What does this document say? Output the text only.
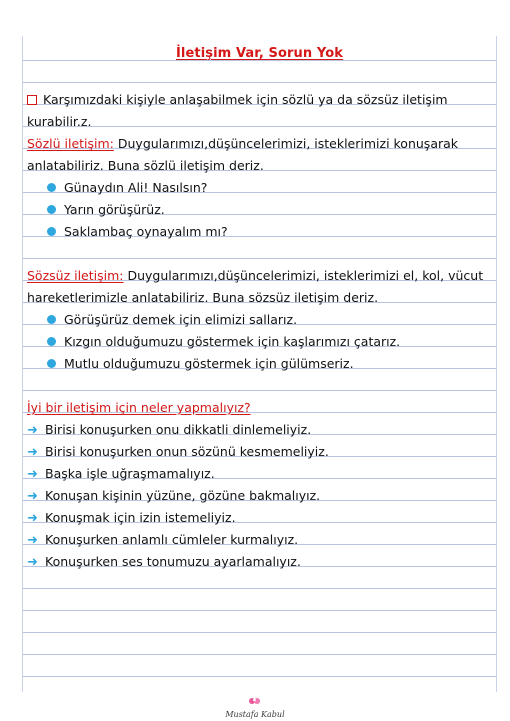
İletişim Var, Sorun Yok
Karşımızdaki kişiyle anlaşabilmek için sözlü ya da sözsüz iletişim
kurabilir.z.
Sözlü iletişim: Duygularımızı,düşüncelerimizi, isteklerimizi konuşarak
anlatabiliriz. Buna sözlü iletişim deriz.
Günaydın Ali! Nasılsın?
Yarın görüşürüz.
Saklambaç oynayalım mı?
Sözsüz iletişim: Duygularımızı,düşüncelerimizi, isteklerimizi el, kol, vücut
hareketlerimizle anlatabiliriz. Buna sözsüz iletişim deriz.
Görüşürüz demek için elimizi sallarız.
Kızgın olduğumuzu göstermek için kaşlarımızı çatarız.
Mutlu olduğumuzu göstermek için gülümseriz.
İyi bir iletişim için neler yapmalıyız?
➜ Birisi konuşurken onu dikkatli dinlemeliyiz.
➜ Birisi konuşurken onun sözünü kesmemeliyiz.
➜ Başka işle uğraşmamalıyız.
➜ Konuşan kişinin yüzüne, gözüne bakmalıyız.
➜ Konuşmak için izin istemeliyiz.
➜ Konuşurken anlamlı cümleler kurmalıyız.
➜ Konuşurken ses tonumuzu ayarlamalıyız.
Mustafa Kabul
